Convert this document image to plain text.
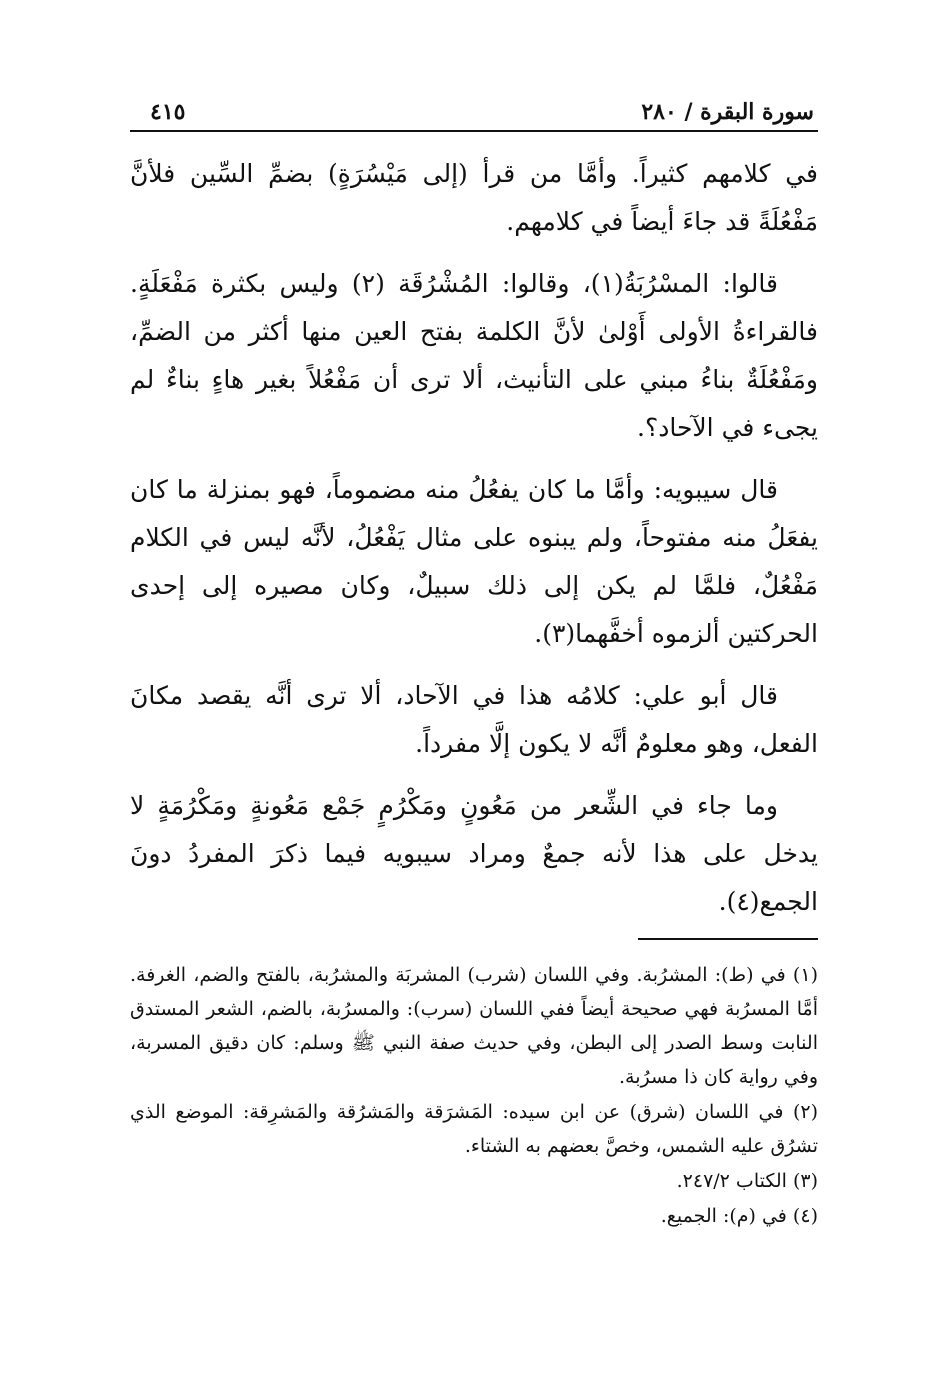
سورة البقرة / ٢٨٠
٤١٥

في كلامهم كثيراً. وأمَّا من قرأ (إلى مَيْسُرَةٍ) بضمِّ السِّين فلأنَّ مَفْعُلَةً قد جاءَ أيضاً في كلامهم.

قالوا: المسْرُبَةُ(١)، وقالوا: المُشْرُقَة (٢) وليس بكثرة مَفْعَلَةٍ. فالقراءةُ الأولى أَوْلىٰ لأنَّ الكلمة بفتح العين منها أكثر من الضمِّ، ومَفْعُلَةٌ بناءُ مبني على التأنيث، ألا ترى أن مَفْعُلاً بغير هاءٍ بناءٌ لم يجىء في الآحاد؟.

قال سيبويه: وأمَّا ما كان يفعُلُ منه مضموماً، فهو بمنزلة ما كان يفعَلُ منه مفتوحاً، ولم يبنوه على مثال يَفْعُلُ، لأنَّه ليس في الكلام مَفْعُلٌ، فلمَّا لم يكن إلى ذلك سبيلٌ، وكان مصيره إلى إحدى الحركتين ألزموه أخفَّهما(٣).

قال أبو علي: كلامُه هذا في الآحاد، ألا ترى أنَّه يقصد مكانَ الفعل، وهو معلومٌ أنَّه لا يكون إلَّا مفرداً.

وما جاء في الشِّعر من مَعُونٍ ومَكْرُمٍ جَمْع مَعُونةٍ ومَكْرُمَةٍ لا يدخل على هذا لأنه جمعٌ ومراد سيبويه فيما ذكرَ المفردُ دونَ الجمع(٤).

(١) في (ط): المشرُبة. وفي اللسان (شرب) المشربَة والمشرُبة، بالفتح والضم، الغرفة. أمَّا المسرُبة فهي صحيحة أيضاً ففي اللسان (سرب): والمسرُبة، بالضم، الشعر المستدق النابت وسط الصدر إلى البطن، وفي حديث صفة النبي ﷺ وسلم: كان دقيق المسربة، وفي رواية كان ذا مسرُبة.

(٢) في اللسان (شرق) عن ابن سيده: المَشرَقة والمَشرُقة والمَشرِقة: الموضع الذي تشرُق عليه الشمس، وخصَّ بعضهم به الشتاء.

(٣) الكتاب ٢٤٧/٢.

(٤) في (م): الجميع.
